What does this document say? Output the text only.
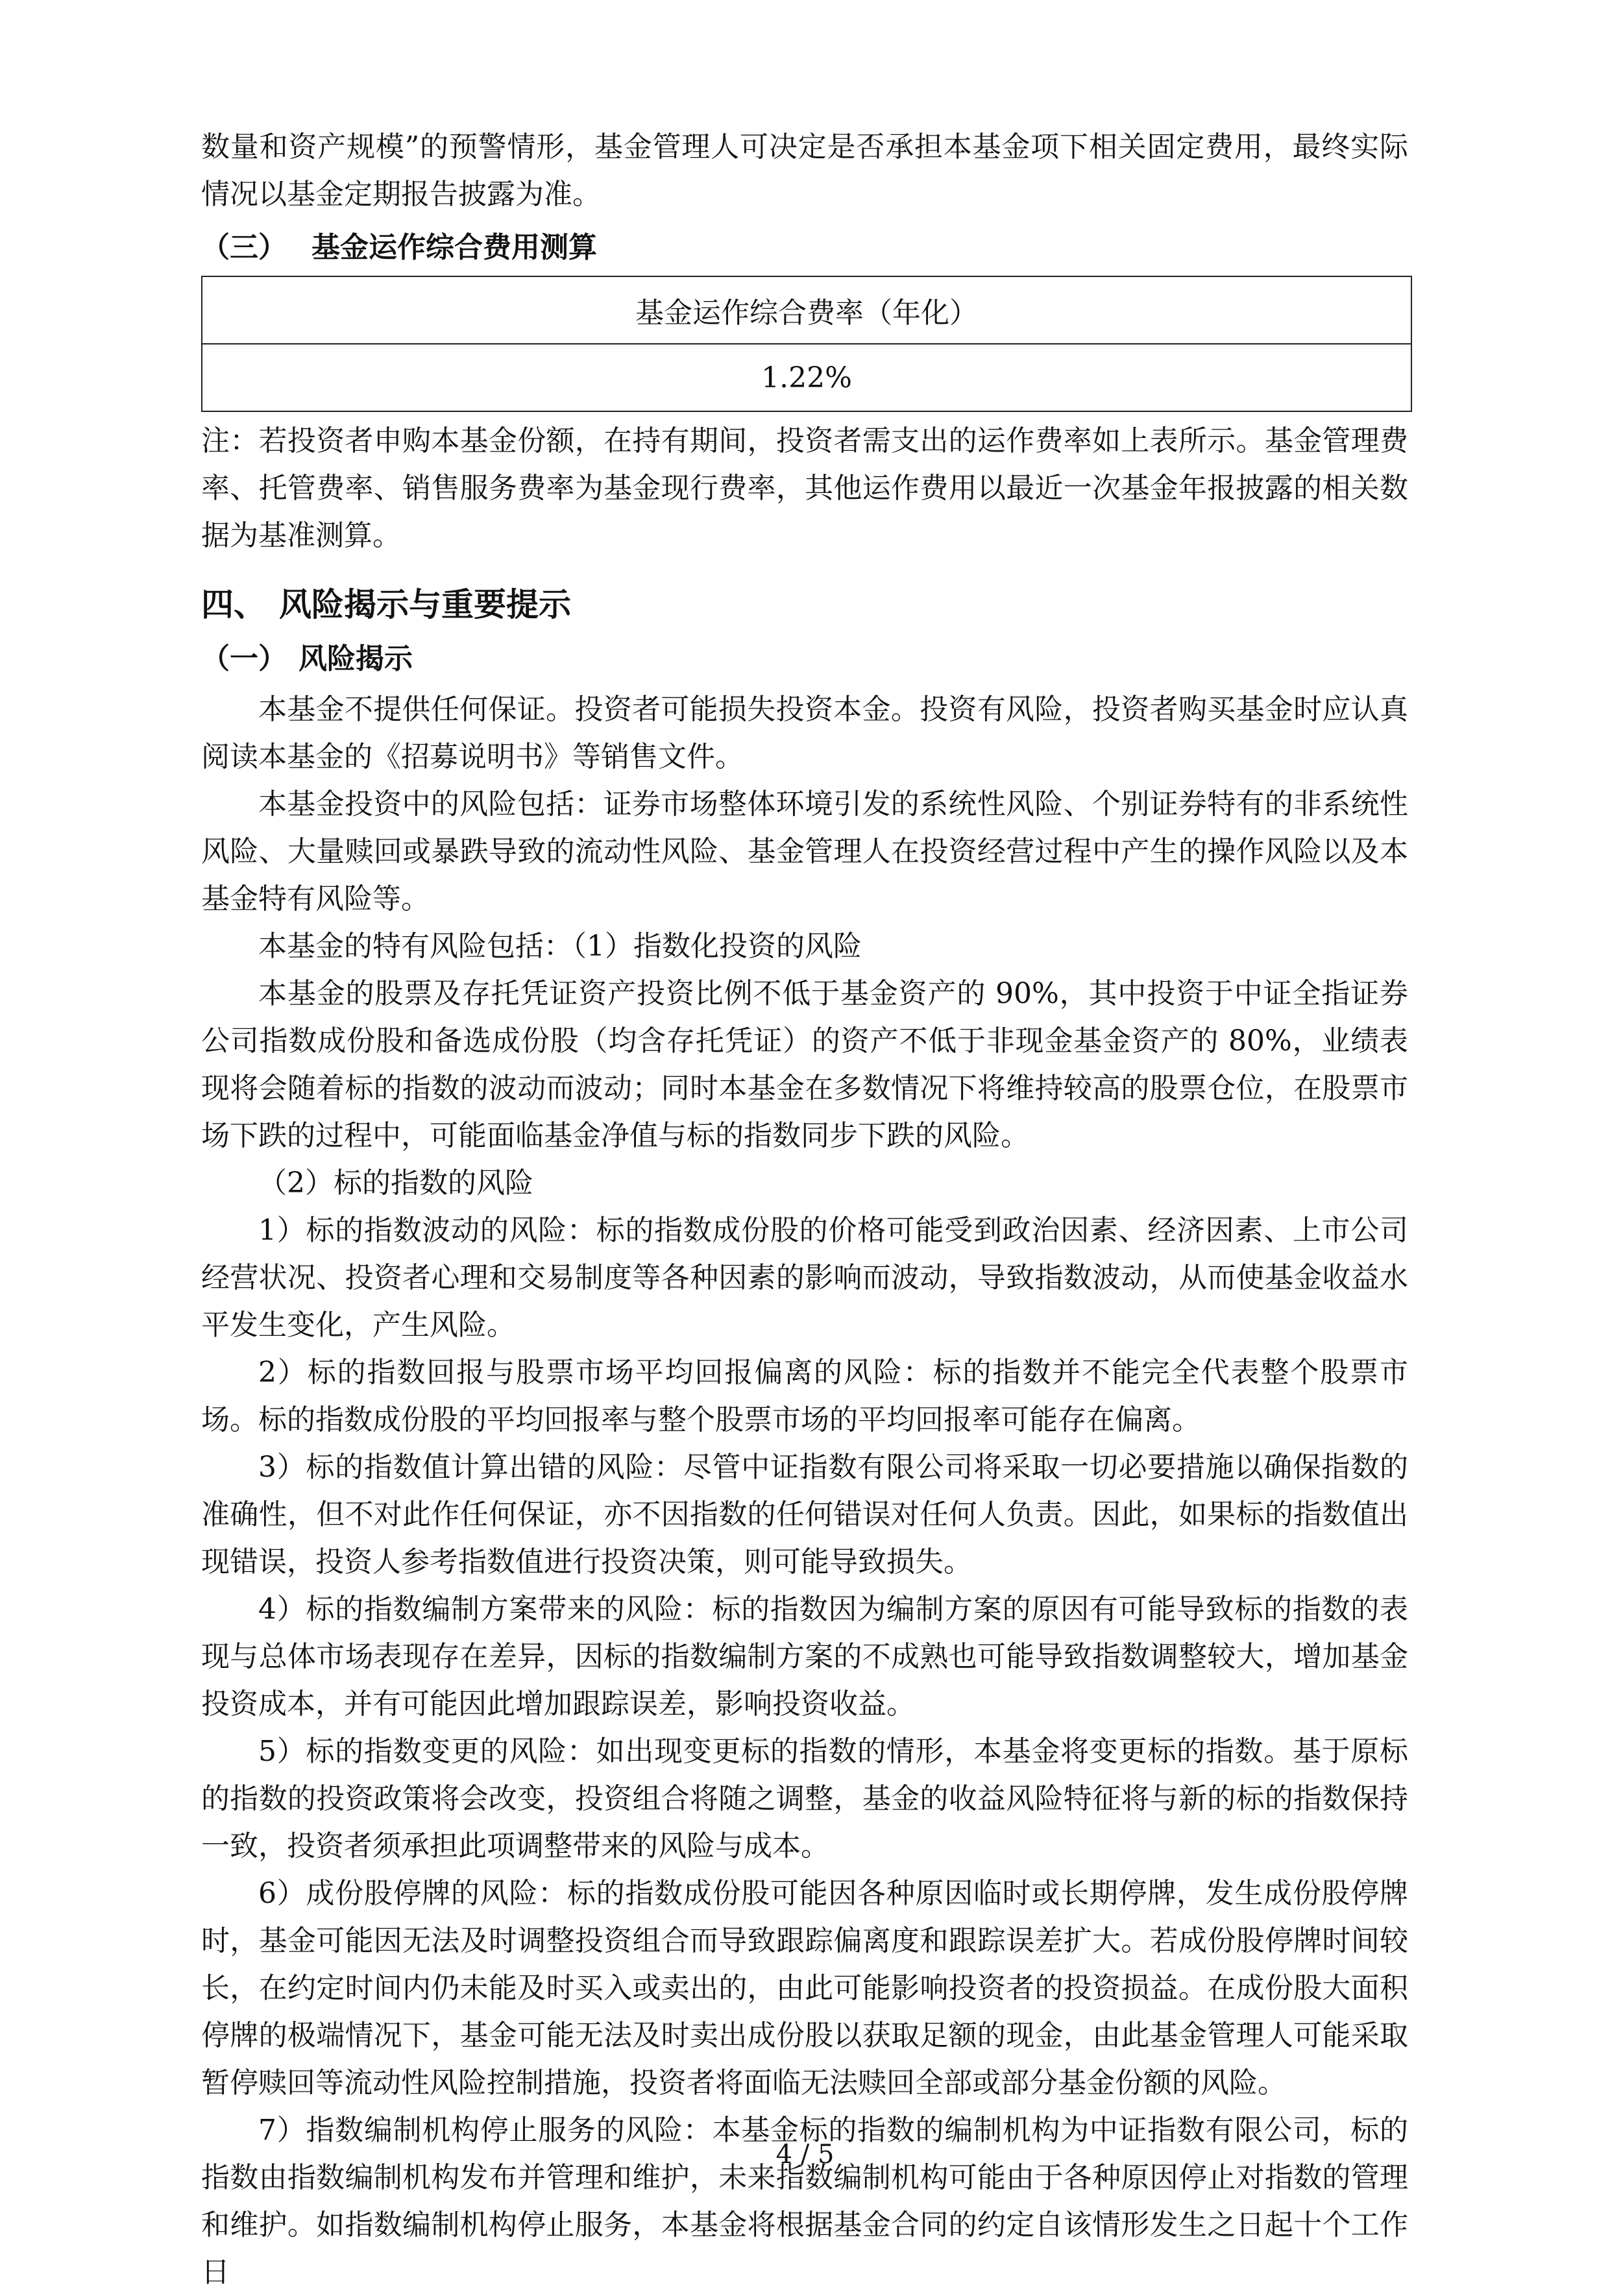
数量和资产规模”的预警情形，基金管理人可决定是否承担本基金项下相关固定费用，最终实际情况以基金定期报告披露为准。

（三） 基金运作综合费用测算
基金运作综合费率（年化）
1.22%

注：若投资者申购本基金份额，在持有期间，投资者需支出的运作费率如上表所示。基金管理费率、托管费率、销售服务费率为基金现行费率，其他运作费用以最近一次基金年报披露的相关数据为基准测算。

四、 风险揭示与重要提示
（一） 风险揭示

本基金不提供任何保证。投资者可能损失投资本金。投资有风险，投资者购买基金时应认真阅读本基金的《招募说明书》等销售文件。

本基金投资中的风险包括：证券市场整体环境引发的系统性风险、个别证券特有的非系统性风险、大量赎回或暴跌导致的流动性风险、基金管理人在投资经营过程中产生的操作风险以及本基金特有风险等。

本基金的特有风险包括：（1）指数化投资的风险

本基金的股票及存托凭证资产投资比例不低于基金资产的 90%，其中投资于中证全指证券公司指数成份股和备选成份股（均含存托凭证）的资产不低于非现金基金资产的 80%，业绩表现将会随着标的指数的波动而波动；同时本基金在多数情况下将维持较高的股票仓位，在股票市场下跌的过程中，可能面临基金净值与标的指数同步下跌的风险。

（2）标的指数的风险

1）标的指数波动的风险：标的指数成份股的价格可能受到政治因素、经济因素、上市公司经营状况、投资者心理和交易制度等各种因素的影响而波动，导致指数波动，从而使基金收益水平发生变化，产生风险。

2）标的指数回报与股票市场平均回报偏离的风险：标的指数并不能完全代表整个股票市场。标的指数成份股的平均回报率与整个股票市场的平均回报率可能存在偏离。

3）标的指数值计算出错的风险：尽管中证指数有限公司将采取一切必要措施以确保指数的准确性，但不对此作任何保证，亦不因指数的任何错误对任何人负责。因此，如果标的指数值出现错误，投资人参考指数值进行投资决策，则可能导致损失。

4）标的指数编制方案带来的风险：标的指数因为编制方案的原因有可能导致标的指数的表现与总体市场表现存在差异，因标的指数编制方案的不成熟也可能导致指数调整较大，增加基金投资成本，并有可能因此增加跟踪误差，影响投资收益。

5）标的指数变更的风险：如出现变更标的指数的情形，本基金将变更标的指数。基于原标的指数的投资政策将会改变，投资组合将随之调整，基金的收益风险特征将与新的标的指数保持一致，投资者须承担此项调整带来的风险与成本。

6）成份股停牌的风险：标的指数成份股可能因各种原因临时或长期停牌，发生成份股停牌时，基金可能因无法及时调整投资组合而导致跟踪偏离度和跟踪误差扩大。若成份股停牌时间较长，在约定时间内仍未能及时买入或卖出的，由此可能影响投资者的投资损益。在成份股大面积停牌的极端情况下，基金可能无法及时卖出成份股以获取足额的现金，由此基金管理人可能采取暂停赎回等流动性风险控制措施，投资者将面临无法赎回全部或部分基金份额的风险。

7）指数编制机构停止服务的风险：本基金标的指数的编制机构为中证指数有限公司，标的指数由指数编制机构发布并管理和维护，未来指数编制机构可能由于各种原因停止对指数的管理和维护。如指数编制机构停止服务，本基金将根据基金合同的约定自该情形发生之日起十个工作日

4 / 5
